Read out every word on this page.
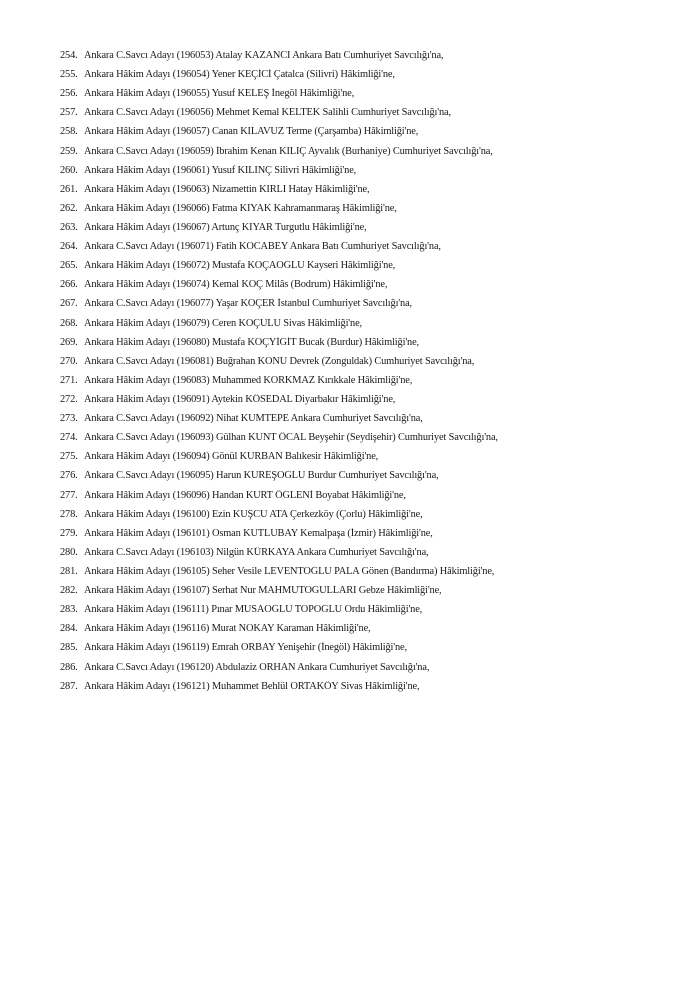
254. Ankara C.Savcı Adayı (196053) Atalay KAZANCI Ankara Batı Cumhuriyet Savcılığı'na,
255. Ankara Hâkim Adayı (196054) Yener KEÇİCİ Çatalca (Silivri) Hâkimliği'ne,
256. Ankara Hâkim Adayı (196055) Yusuf KELEŞ İnegöl Hâkimliği'ne,
257. Ankara C.Savcı Adayı (196056) Mehmet Kemal KELTEK Salihli Cumhuriyet Savcılığı'na,
258. Ankara Hâkim Adayı (196057) Canan KILAVUZ Terme (Çarşamba) Hâkimliği'ne,
259. Ankara C.Savcı Adayı (196059) İbrahim Kenan KILIÇ Ayvalık (Burhaniye) Cumhuriyet Savcılığı'na,
260. Ankara Hâkim Adayı (196061) Yusuf KILINÇ Silivri Hâkimliği'ne,
261. Ankara Hâkim Adayı (196063) Nizamettin KIRLI Hatay Hâkimliği'ne,
262. Ankara Hâkim Adayı (196066) Fatma KIYAK Kahramanmaraş Hâkimliği'ne,
263. Ankara Hâkim Adayı (196067) Artunç KIYAR Turgutlu Hâkimliği'ne,
264. Ankara C.Savcı Adayı (196071) Fatih KOCABEY Ankara Batı Cumhuriyet Savcılığı'na,
265. Ankara Hâkim Adayı (196072) Mustafa KOÇAOĞLU Kayseri Hâkimliği'ne,
266. Ankara Hâkim Adayı (196074) Kemal KOÇ Milâs (Bodrum) Hâkimliği'ne,
267. Ankara C.Savcı Adayı (196077) Yaşar KOÇER İstanbul Cumhuriyet Savcılığı'na,
268. Ankara Hâkim Adayı (196079) Ceren KOÇULU Sivas Hâkimliği'ne,
269. Ankara Hâkim Adayı (196080) Mustafa KOÇYİĞİT Bucak (Burdur) Hâkimliği'ne,
270. Ankara C.Savcı Adayı (196081) Buğrahan KONU Devrek (Zonguldak) Cumhuriyet Savcılığı'na,
271. Ankara Hâkim Adayı (196083) Muhammed KORKMAZ Kırıkkale Hâkimliği'ne,
272. Ankara Hâkim Adayı (196091) Aytekin KÖSEDAL Diyarbakır Hâkimliği'ne,
273. Ankara C.Savcı Adayı (196092) Nihat KUMTEPE Ankara Cumhuriyet Savcılığı'na,
274. Ankara C.Savcı Adayı (196093) Gülhan KUNT ÖCAL Beyşehir (Seydişehir) Cumhuriyet Savcılığı'na,
275. Ankara Hâkim Adayı (196094) Gönül KURBAN Balıkesir Hâkimliği'ne,
276. Ankara C.Savcı Adayı (196095) Harun KUREŞOĞLU Burdur Cumhuriyet Savcılığı'na,
277. Ankara Hâkim Adayı (196096) Handan KURT ÖĞLENİ Boyabat Hâkimliği'ne,
278. Ankara Hâkim Adayı (196100) Ezin KUŞCU ATA Çerkezköy (Çorlu) Hâkimliği'ne,
279. Ankara Hâkim Adayı (196101) Osman KUTLUBAY Kemalpaşa (İzmir) Hâkimliği'ne,
280. Ankara C.Savcı Adayı (196103) Nilgün KÜRKAYA Ankara Cumhuriyet Savcılığı'na,
281. Ankara Hâkim Adayı (196105) Seher Vesile LEVENTOĞLU PALA Gönen (Bandırma) Hâkimliği'ne,
282. Ankara Hâkim Adayı (196107) Serhat Nur MAHMUTOĞULLARI Gebze Hâkimliği'ne,
283. Ankara Hâkim Adayı (196111) Pınar MUSAOĞLU TOPOĞLU Ordu Hâkimliği'ne,
284. Ankara Hâkim Adayı (196116) Murat NOKAY Karaman Hâkimliği'ne,
285. Ankara Hâkim Adayı (196119) Emrah ORBAY Yenişehir (İnegöl) Hâkimliği'ne,
286. Ankara C.Savcı Adayı (196120) Abdulaziz ORHAN Ankara Cumhuriyet Savcılığı'na,
287. Ankara Hâkim Adayı (196121) Muhammet Behlül ORTAKÖY Sivas Hâkimliği'ne,
